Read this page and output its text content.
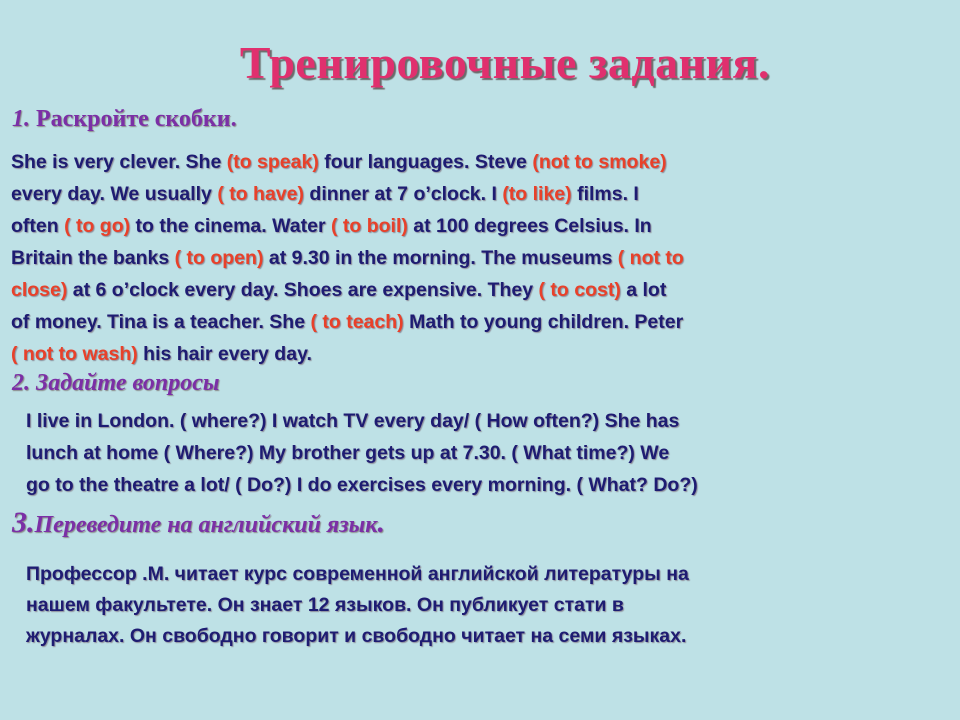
Тренировочные задания.
1. Раскройте скобки.
She is very clever. She (to speak) four languages. Steve (not to smoke)
every day. We usually ( to have) dinner at 7 o’clock. I (to like) films. I
often ( to go) to the cinema. Water ( to boil) at 100 degrees Celsius. In
Britain the banks ( to open) at 9.30 in the morning. The museums ( not to
close) at 6 o’clock every day. Shoes are expensive. They ( to cost) a lot
of money. Tina is a teacher. She ( to teach) Math to young children. Peter
( not to wash) his hair every day.
2. Задайте вопросы
I live in London. ( where?) I watch TV every day/ ( How often?) She has
lunch at home ( Where?) My brother gets up at 7.30. ( What time?) We
go to the theatre a lot/ ( Do?) I do exercises every morning. ( What? Do?)
3.Переведите на английский язык.
Профессор .М. читает курс современной английской литературы на
нашем факультете. Он знает 12 языков. Он публикует стати в
журналах. Он свободно говорит и свободно читает на семи языках.
